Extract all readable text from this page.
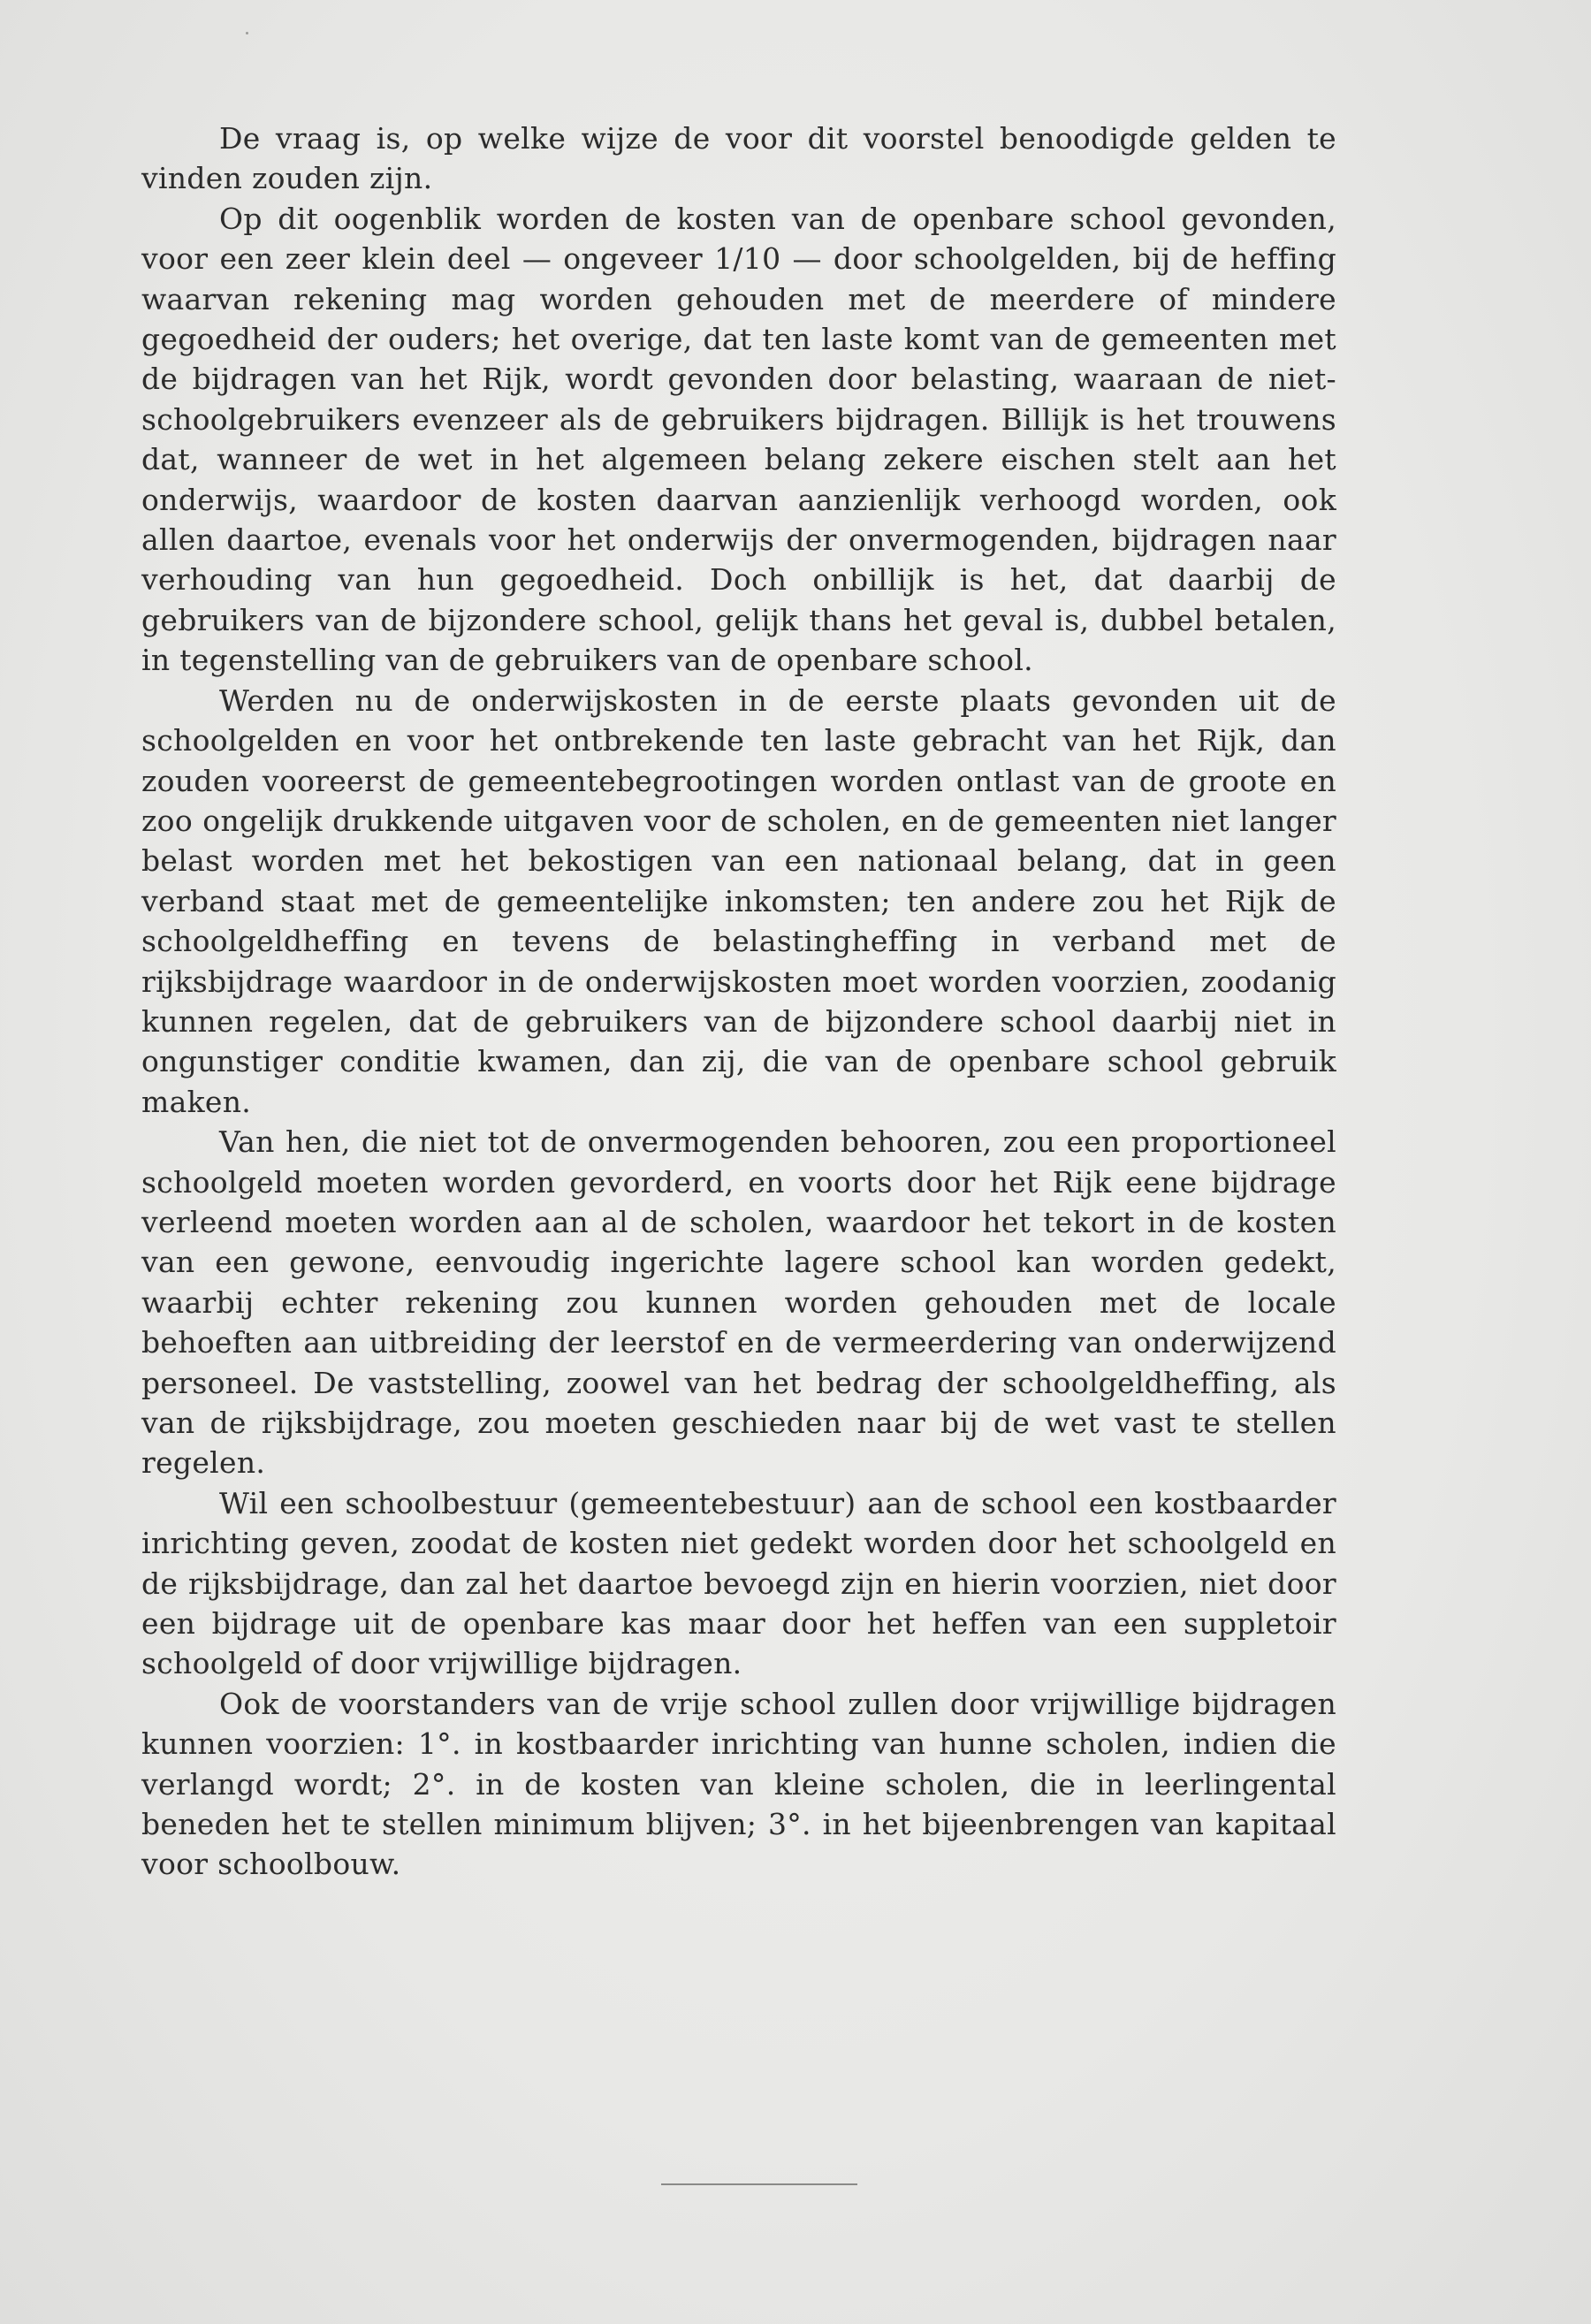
De vraag is, op welke wijze de voor dit voorstel benoodigde gelden te vinden zouden zijn.

Op dit oogenblik worden de kosten van de openbare school gevonden, voor een zeer klein deel — ongeveer 1/10 — door schoolgelden, bij de heffing waarvan rekening mag worden gehouden met de meerdere of mindere gegoedheid der ouders; het overige, dat ten laste komt van de gemeenten met de bijdragen van het Rijk, wordt gevonden door belasting, waaraan de niet-schoolgebruikers evenzeer als de gebruikers bijdragen. Billijk is het trouwens dat, wanneer de wet in het algemeen belang zekere eischen stelt aan het onderwijs, waardoor de kosten daarvan aanzienlijk verhoogd worden, ook allen daartoe, evenals voor het onderwijs der onvermogenden, bijdragen naar verhouding van hun gegoedheid. Doch onbillijk is het, dat daarbij de gebruikers van de bijzondere school, gelijk thans het geval is, dubbel betalen, in tegenstelling van de gebruikers van de openbare school.

Werden nu de onderwijskosten in de eerste plaats gevonden uit de schoolgelden en voor het ontbrekende ten laste gebracht van het Rijk, dan zouden vooreerst de gemeentebegrootingen worden ontlast van de groote en zoo ongelijk drukkende uitgaven voor de scholen, en de gemeenten niet langer belast worden met het bekostigen van een nationaal belang, dat in geen verband staat met de gemeentelijke inkomsten; ten andere zou het Rijk de schoolgeldheffing en tevens de belastingheffing in verband met de rijksbijdrage waardoor in de onderwijskosten moet worden voorzien, zoodanig kunnen regelen, dat de gebruikers van de bijzondere school daarbij niet in ongunstiger conditie kwamen, dan zij, die van de openbare school gebruik maken.

Van hen, die niet tot de onvermogenden behooren, zou een proportioneel schoolgeld moeten worden gevorderd, en voorts door het Rijk eene bijdrage verleend moeten worden aan al de scholen, waardoor het tekort in de kosten van een gewone, eenvoudig ingerichte lagere school kan worden gedekt, waarbij echter rekening zou kunnen worden gehouden met de locale behoeften aan uitbreiding der leerstof en de vermeerdering van onderwijzend personeel. De vaststelling, zoowel van het bedrag der schoolgeldheffing, als van de rijksbijdrage, zou moeten geschieden naar bij de wet vast te stellen regelen.

Wil een schoolbestuur (gemeentebestuur) aan de school een kostbaarder inrichting geven, zoodat de kosten niet gedekt worden door het schoolgeld en de rijksbijdrage, dan zal het daartoe bevoegd zijn en hierin voorzien, niet door een bijdrage uit de openbare kas maar door het heffen van een suppletoir schoolgeld of door vrijwillige bijdragen.

Ook de voorstanders van de vrije school zullen door vrijwillige bijdragen kunnen voorzien: 1°. in kostbaarder inrichting van hunne scholen, indien die verlangd wordt; 2°. in de kosten van kleine scholen, die in leerlingental beneden het te stellen minimum blijven; 3°. in het bijeenbrengen van kapitaal voor schoolbouw.
